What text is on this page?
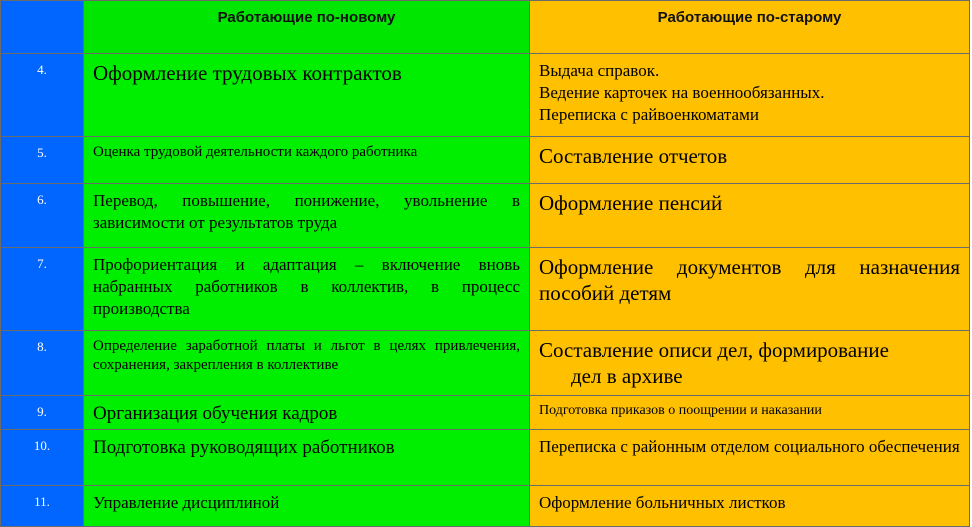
	Работающие по-новому	Работающие по-старому
4.	Оформление трудовых контрактов	Выдача справок.
Ведение карточек на военнообязанных.
Переписка с райвоенкоматами

5.	Оценка трудовой деятельности каждого работника	Составление отчетов
6.	Перевод, повышение, понижение, увольнение в зависимости от результатов труда	Оформление пенсий
7.	Профориентация и адаптация – включение вновь набранных работников в коллектив, в процесс производства	Оформление документов для назначения пособий детям
8.	Определение заработной платы и льгот в целях привлечения, сохранения, закрепления в коллективе	Составление описи дел, формирование
дел в архиве

9.	Организация обучения кадров	Подготовка приказов о поощрении и наказании
10.	Подготовка руководящих работников	Переписка с районным отделом социального обеспечения
11.	Управление дисциплиной	Оформление больничных листков
